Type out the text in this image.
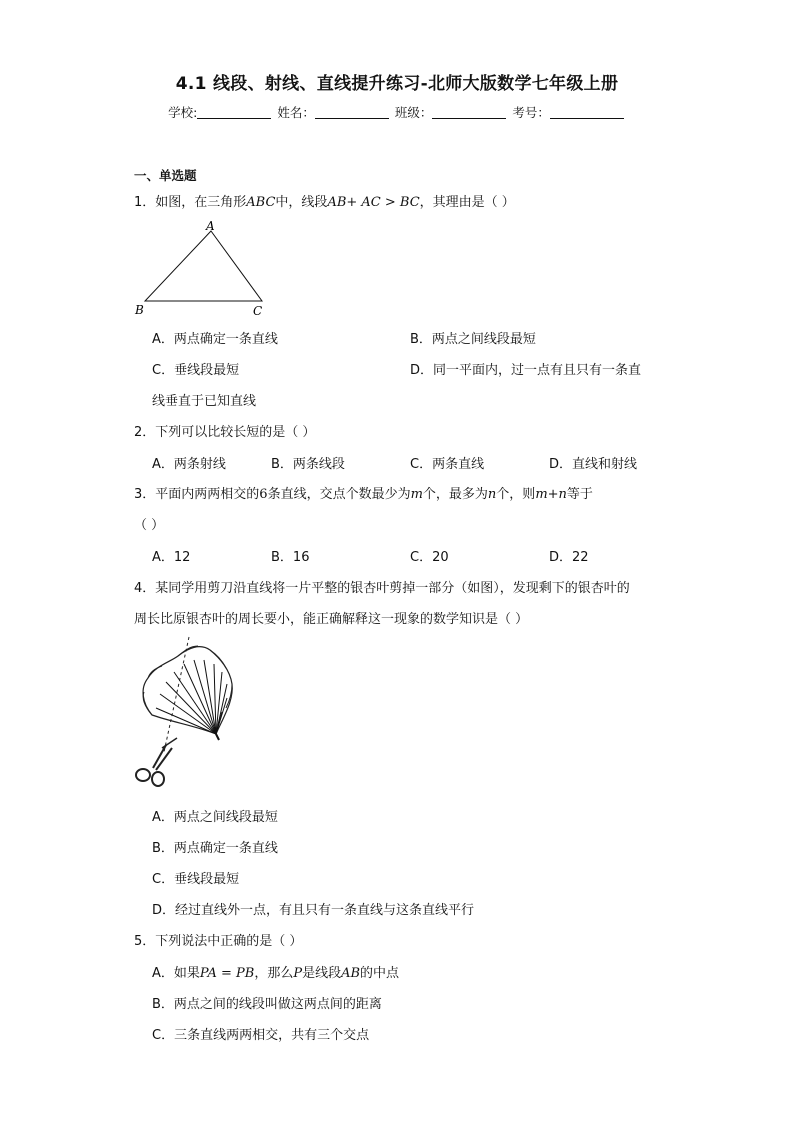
4.1 线段、射线、直线提升练习-北师大版数学七年级上册
学校:	姓名：	班级：	考号：
一、单选题
1．如图，在三角形ABC中，线段AB+ AC > BC，其理由是（ ）
A
B	C
A．两点确定一条直线	B．两点之间线段最短
C．垂线段最短	D．同一平面内，过一点有且只有一条直
线垂直于已知直线
2．下列可以比较长短的是（ ）
A．两条射线	B．两条线段	C．两条直线	D．直线和射线
3．平面内两两相交的6条直线，交点个数最少为m个，最多为n个，则m+n等于
（ ）
A．12	B．16	C．20	D．22
4．某同学用剪刀沿直线将一片平整的银杏叶剪掉一部分（如图），发现剩下的银杏叶的
周长比原银杏叶的周长要小，能正确解释这一现象的数学知识是（ ）
A．两点之间线段最短
B．两点确定一条直线
C．垂线段最短
D．经过直线外一点，有且只有一条直线与这条直线平行
5．下列说法中正确的是（ ）
A．如果PA = PB，那么P是线段AB的中点
B．两点之间的线段叫做这两点间的距离
C．三条直线两两相交，共有三个交点
